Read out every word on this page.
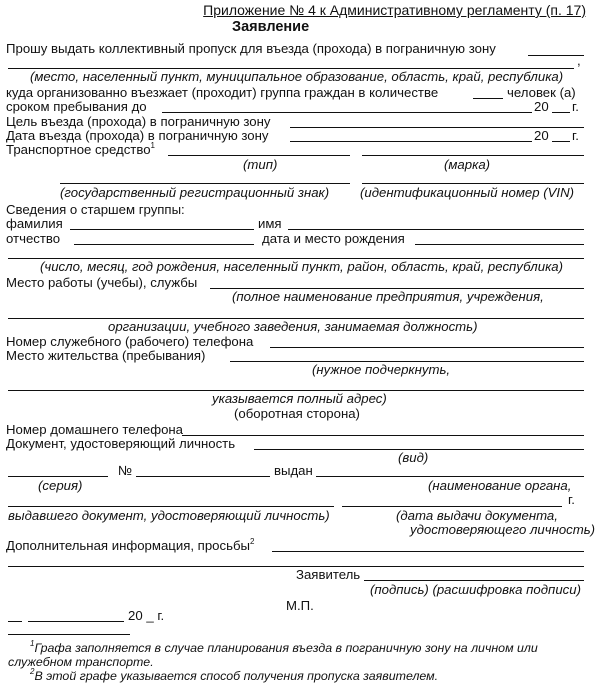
Приложение № 4 к Административному регламенту (п. 17)
Заявление
Прошу выдать коллективный пропуск для въезда (прохода) в пограничную зону
,
(место, населенный пункт, муниципальное образование, область, край, республика)
куда организованно въезжает (проходит) группа граждан в количестве	человек (а)
сроком пребывания до	20 г.
Цель въезда (прохода) в пограничную зону
Дата въезда (прохода) в пограничную зону	20 г.
Транспортное средство$^1$
(тип)	(марка)
(государственный регистрационный знак) (идентификационный номер (VIN)
Сведения о старшем группы:
фамилия	имя
отчество	дата и место рождения
(число, месяц, год рождения, населенный пункт, район, область, край, республика)
Место работы (учебы), службы
(полное наименование предприятия, учреждения,
организации, учебного заведения, занимаемая должность)
Номер служебного (рабочего) телефона
Место жительства (пребывания)
(нужное подчеркнуть,
указывается полный адрес)
(оборотная сторона)
Номер домашнего телефона
Документ, удостоверяющий личность
(вид)
№	выдан
(серия)	(наименование органа,
г.
выдавшего документ, удостоверяющий личность)	(дата выдачи документа,
удостоверяющего личность)
Дополнительная информация, просьбы$^2$
Заявитель
(подпись) (расшифровка подписи)
М.П.
20 _ г.
$^1$Графа заполняется в случае планирования въезда в пограничную зону на личном или
служебном транспорте.
$^2$В этой графе указывается способ получения пропуска заявителем.
